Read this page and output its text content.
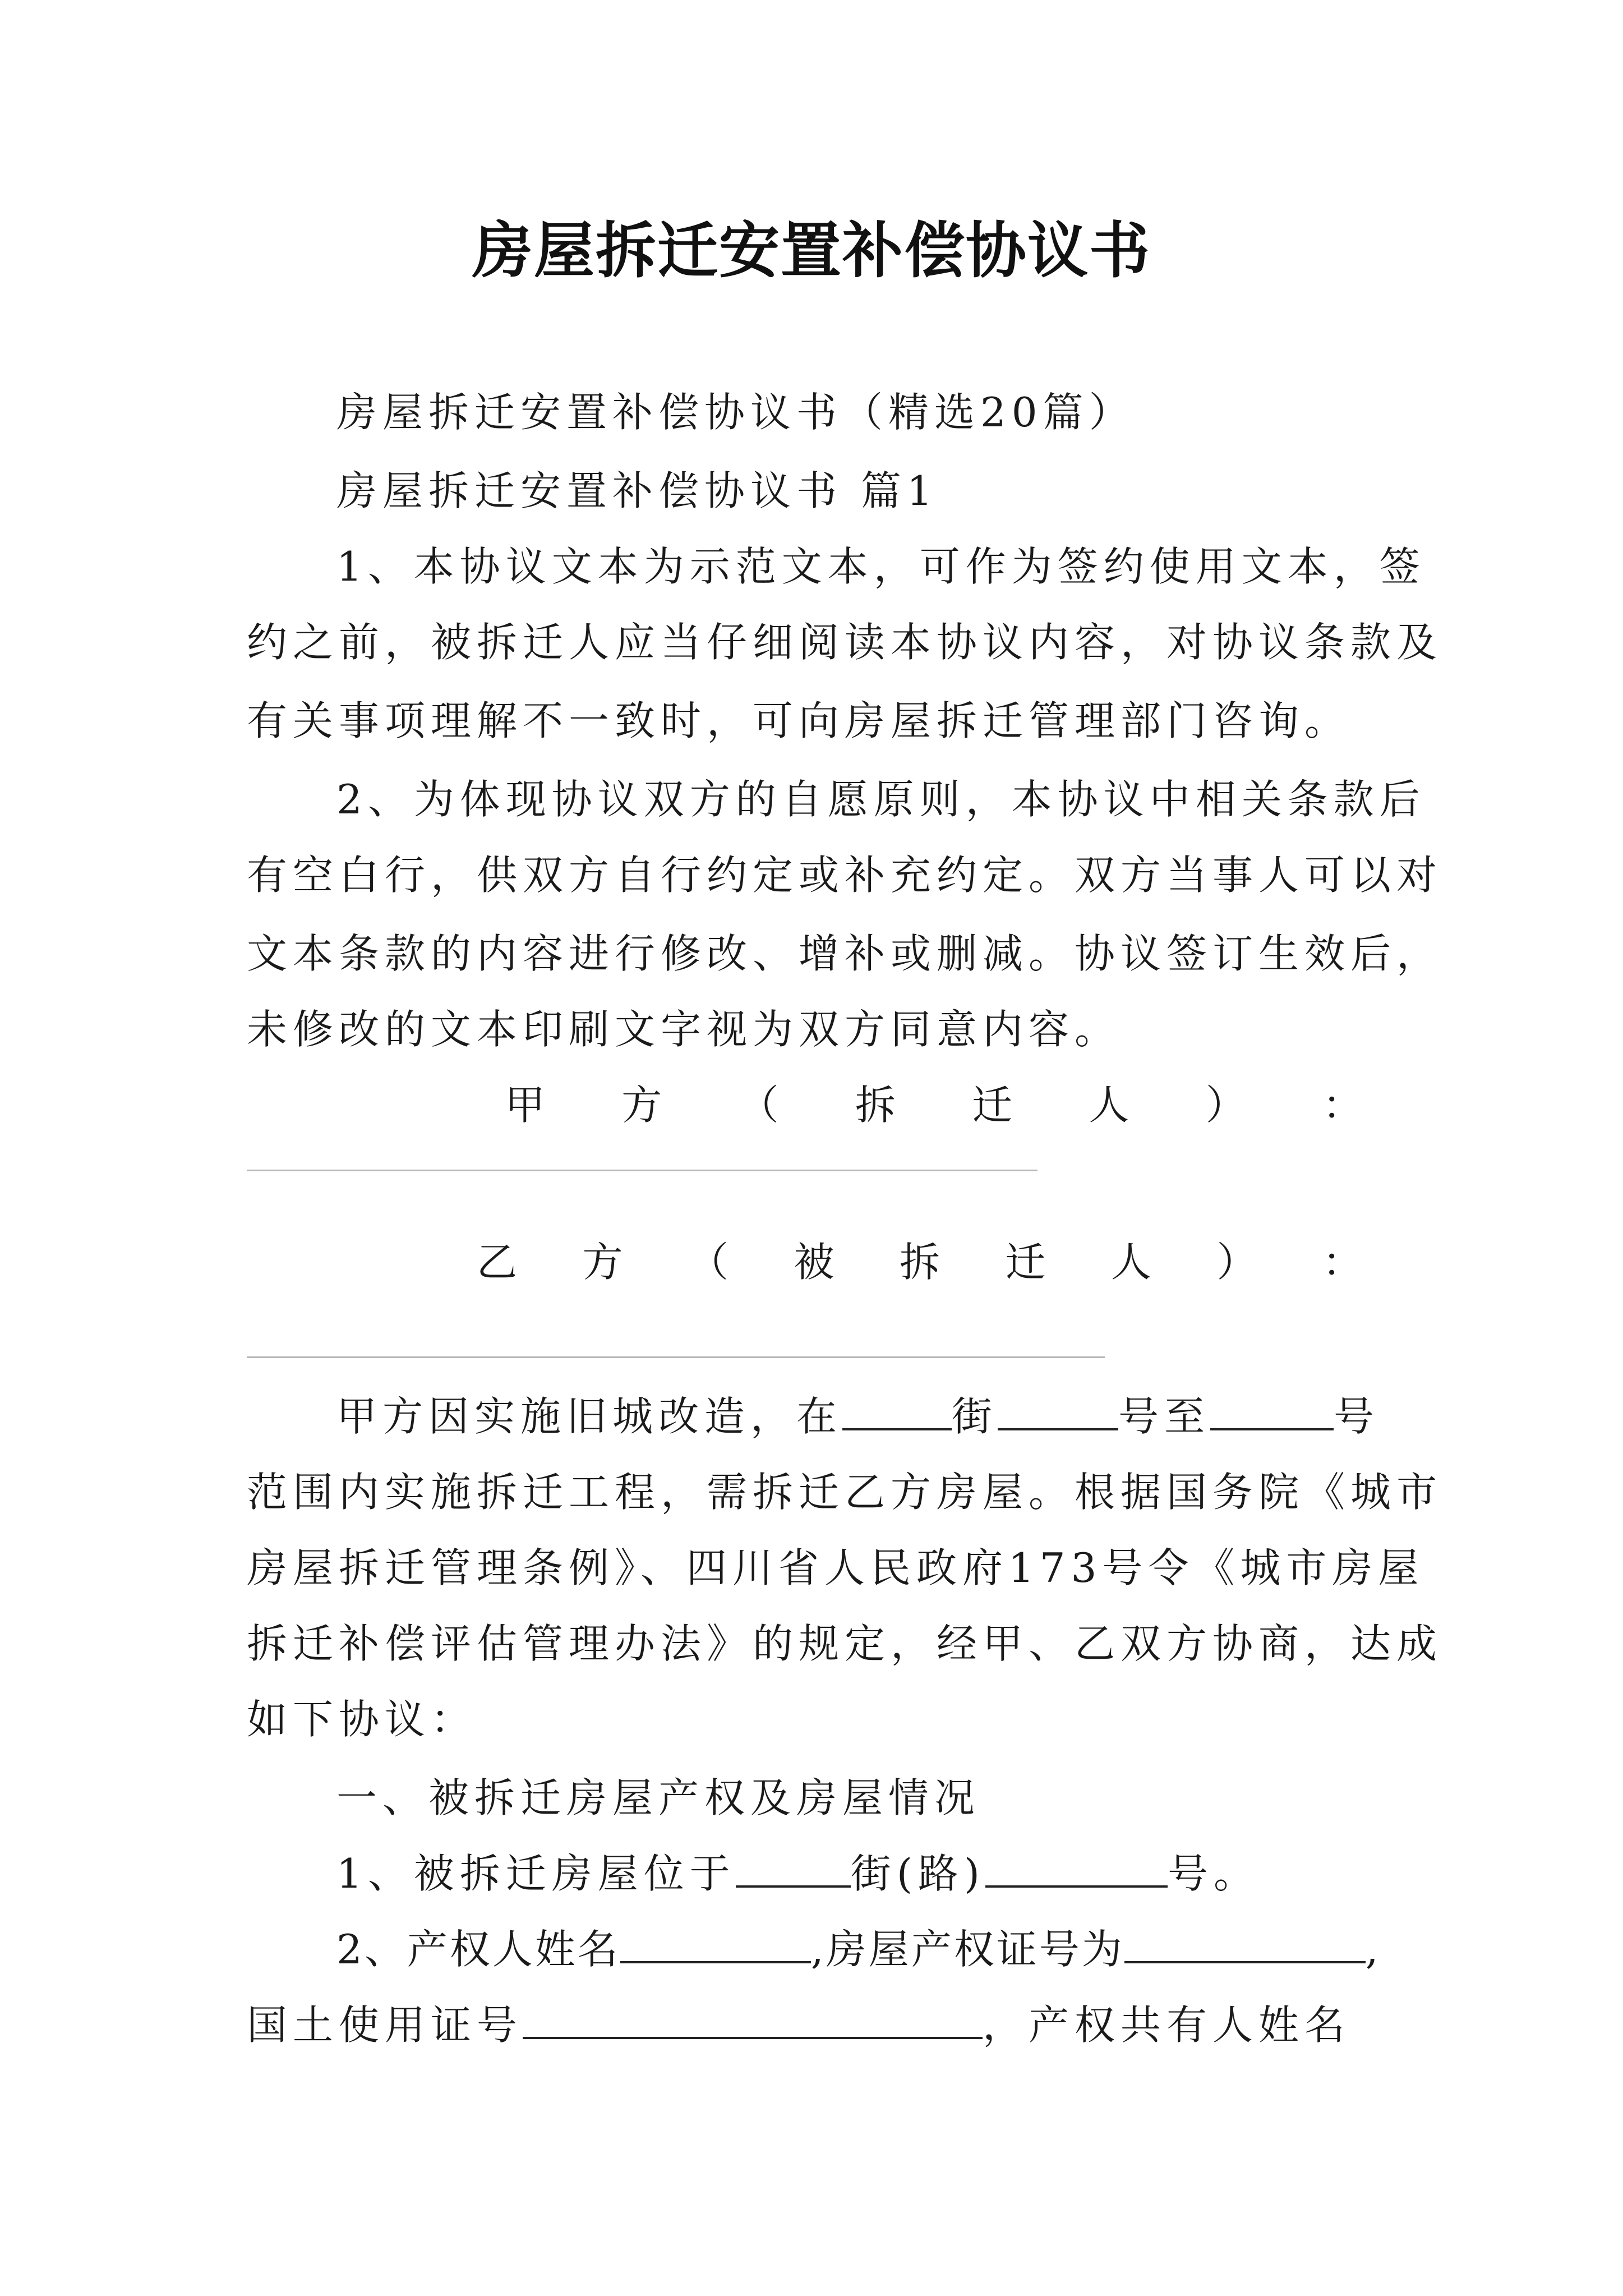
房屋拆迁安置补偿协议书
房屋拆迁安置补偿协议书（精选20篇）
房屋拆迁安置补偿协议书 篇1
1、本协议文本为示范文本，可作为签约使用文本，签
约之前，被拆迁人应当仔细阅读本协议内容，对协议条款及
有关事项理解不一致时，可向房屋拆迁管理部门咨询。
2、为体现协议双方的自愿原则，本协议中相关条款后
有空白行，供双方自行约定或补充约定。双方当事人可以对
文本条款的内容进行修改、增补或删减。协议签订生效后，
未修改的文本印刷文字视为双方同意内容。
甲 方 （ 拆 迁 人 ） ：
乙 方 （ 被 拆 迁 人 ） ：
甲方因实施旧城改造，在	街	号至	号
范围内实施拆迁工程，需拆迁乙方房屋。根据国务院《城市
房屋拆迁管理条例》、四川省人民政府173号令《城市房屋
拆迁补偿评估管理办法》的规定，经甲、乙双方协商，达成
如下协议：
一、被拆迁房屋产权及房屋情况
1、被拆迁房屋位于	街(路)	号。
2、产权人姓名	,房屋产权证号为	,
国土使用证号	，产权共有人姓名
